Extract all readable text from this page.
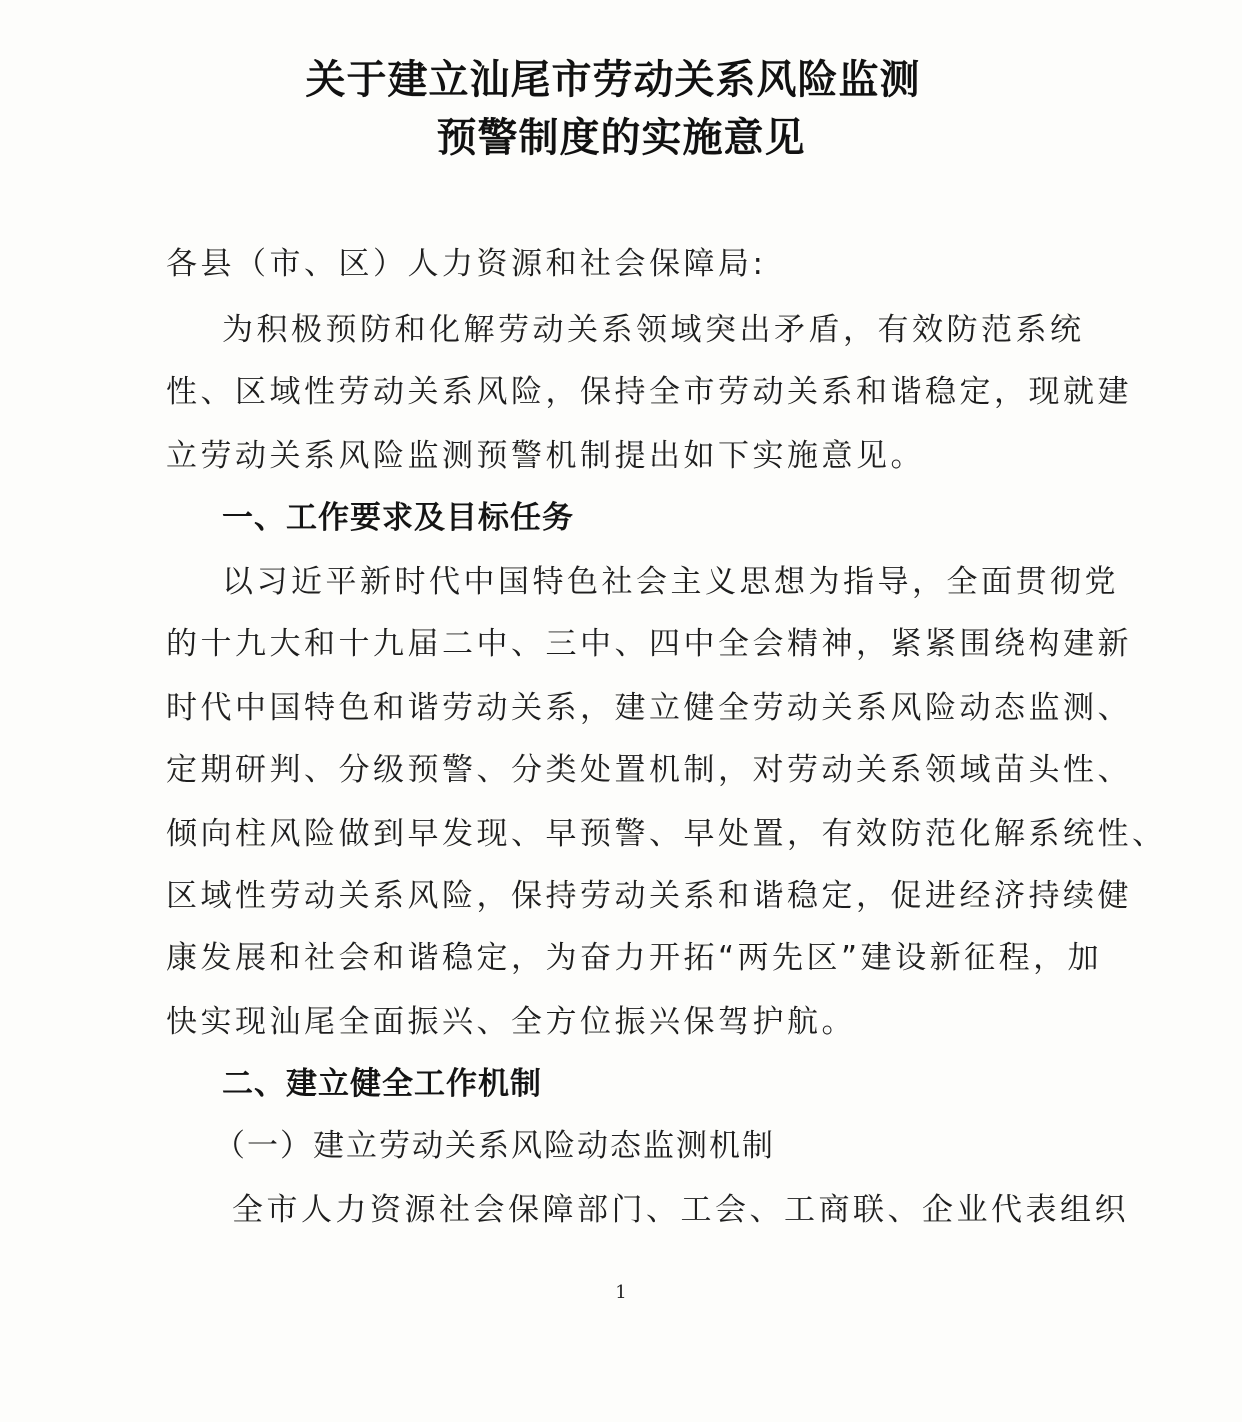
关于建立汕尾市劳动关系风险监测
预警制度的实施意见
各县（市、区）人力资源和社会保障局:
为积极预防和化解劳动关系领域突出矛盾，有效防范系统
性、区域性劳动关系风险，保持全市劳动关系和谐稳定，现就建
立劳动关系风险监测预警机制提出如下实施意见。
一、工作要求及目标任务
以习近平新时代中国特色社会主义思想为指导，全面贯彻党
的十九大和十九届二中、三中、四中全会精神，紧紧围绕构建新
时代中国特色和谐劳动关系，建立健全劳动关系风险动态监测、
定期研判、分级预警、分类处置机制，对劳动关系领域苗头性、
倾向柱风险做到早发现、早预警、早处置，有效防范化解系统性、
区域性劳动关系风险，保持劳动关系和谐稳定，促进经济持续健
康发展和社会和谐稳定，为奋力开拓“两先区”建设新征程，加
快实现汕尾全面振兴、全方位振兴保驾护航。
二、建立健全工作机制
（一）建立劳动关系风险动态监测机制
全市人力资源社会保障部门、工会、工商联、企业代表组织
1
